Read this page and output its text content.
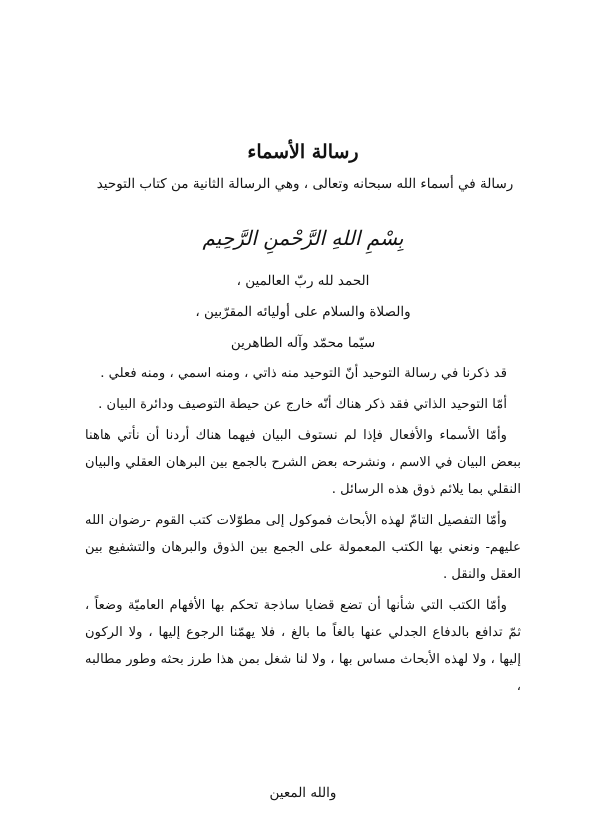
رسالة الأسماء

رسالة في أسماء الله سبحانه وتعالى ، وهي الرسالة الثانية من كتاب التوحيد

بِسْمِ اللهِ الرَّحْمنِ الرَّحِيم
الحمد لله ربّ العالمين ،
والصلاة والسلام على أوليائه المقرّبين ،
سيّما محمّد وآله الطاهرين

قد ذكرنا في رسالة التوحيد أنّ التوحيد منه ذاتي ، ومنه اسمي ، ومنه فعلي .

أمّا التوحيد الذاتي فقد ذكر هناك أنّه خارج عن حيطة التوصيف ودائرة البيان .

وأمّا الأسماء والأفعال فإذا لم نستوف البيان فيهما هناك أردنا أن نأتي هاهنا ببعض البيان في الاسم ، ونشرحه بعض الشرح بالجمع بين البرهان العقلي والبيان النقلي بما يلائم ذوق هذه الرسائل .

وأمّا التفصيل التامّ لهذه الأبحاث فموكول إلى مطوّلات كتب القوم -رضوان الله عليهم- ونعني بها الكتب المعمولة على الجمع بين الذوق والبرهان والتشفيع بين العقل والنقل .

وأمّا الكتب التي شأنها أن تضع قضايا ساذجة تحكم بها الأفهام العاميّة وضعاً ، ثمّ تدافع بالدفاع الجدلي عنها بالغاً ما بالغ ، فلا يهمّنا الرجوع إليها ، ولا الركون إليها ، ولا لهذه الأبحاث مساس بها ، ولا لنا شغل بمن هذا طرز بحثه وطور مطالبه ،

والله المعين
